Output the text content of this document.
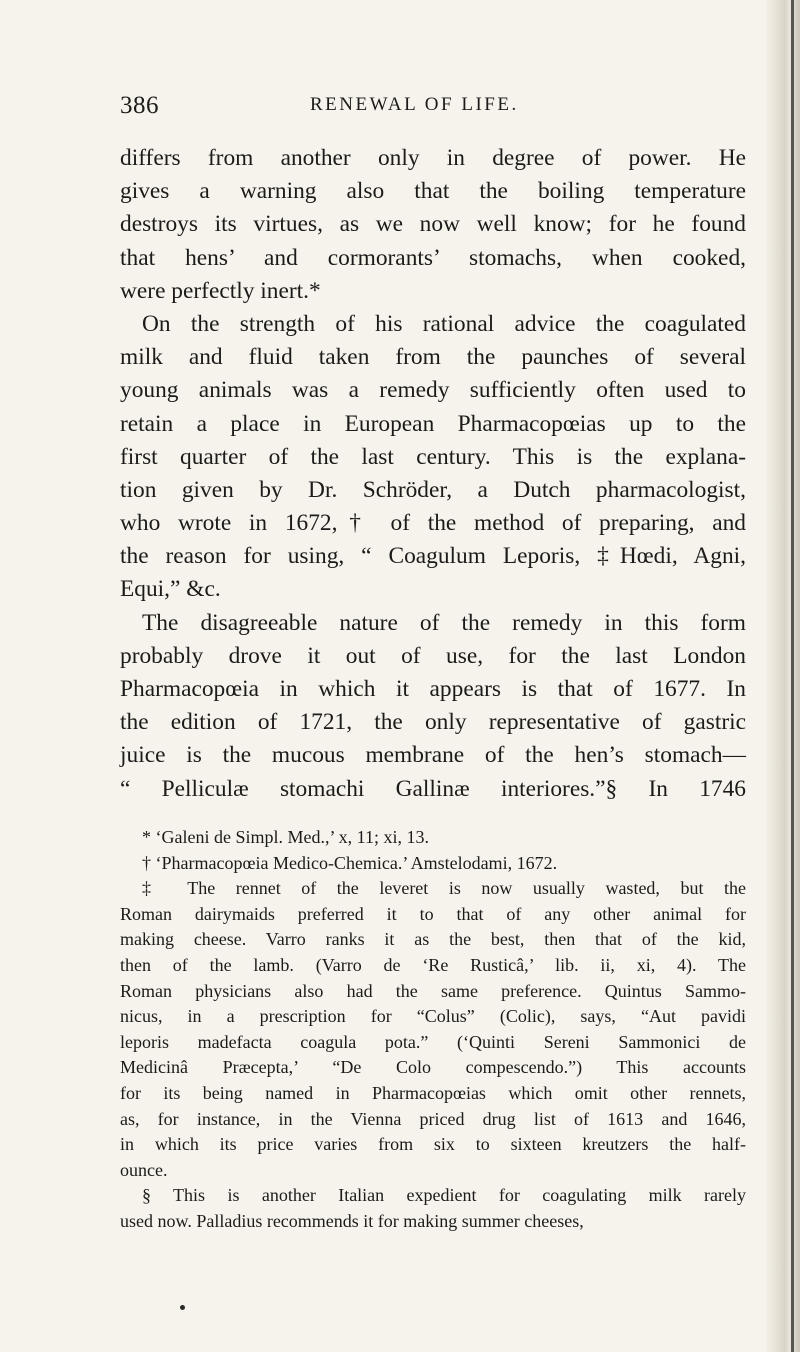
386	RENEWAL OF LIFE.
differs from another only in degree of power. He
gives a warning also that the boiling temperature
destroys its virtues, as we now well know; for he found
that hens’ and cormorants’ stomachs, when cooked,
were perfectly inert.*
On the strength of his rational advice the coagulated
milk and fluid taken from the paunches of several
young animals was a remedy sufficiently often used to
retain a place in European Pharmacopœias up to the
first quarter of the last century. This is the explana-
tion given by Dr. Schröder, a Dutch pharmacologist,
who wrote in 1672,† of the method of preparing, and
the reason for using, “ Coagulum Leporis, ‡Hœdi, Agni,
Equi,” &c.
The disagreeable nature of the remedy in this form
probably drove it out of use, for the last London
Pharmacopœia in which it appears is that of 1677. In
the edition of 1721, the only representative of gastric
juice is the mucous membrane of the hen’s stomach—
“ Pelliculæ stomachi Gallinæ interiores.”§ In 1746
* ‘Galeni de Simpl. Med.,’ x, 11; xi, 13.
† ‘Pharmacopœia Medico-Chemica.’ Amstelodami, 1672.
‡ The rennet of the leveret is now usually wasted, but the
Roman dairymaids preferred it to that of any other animal for
making cheese. Varro ranks it as the best, then that of the kid,
then of the lamb. (Varro de ‘Re Rusticâ,’ lib. ii, xi, 4). The
Roman physicians also had the same preference. Quintus Sammo-
nicus, in a prescription for “Colus” (Colic), says, “Aut pavidi
leporis madefacta coagula pota.” (‘Quinti Sereni Sammonici de
Medicinâ Præcepta,’ “De Colo compescendo.”) This accounts
for its being named in Pharmacopœias which omit other rennets,
as, for instance, in the Vienna priced drug list of 1613 and 1646,
in which its price varies from six to sixteen kreutzers the half-
ounce.
§ This is another Italian expedient for coagulating milk rarely
used now. Palladius recommends it for making summer cheeses,
